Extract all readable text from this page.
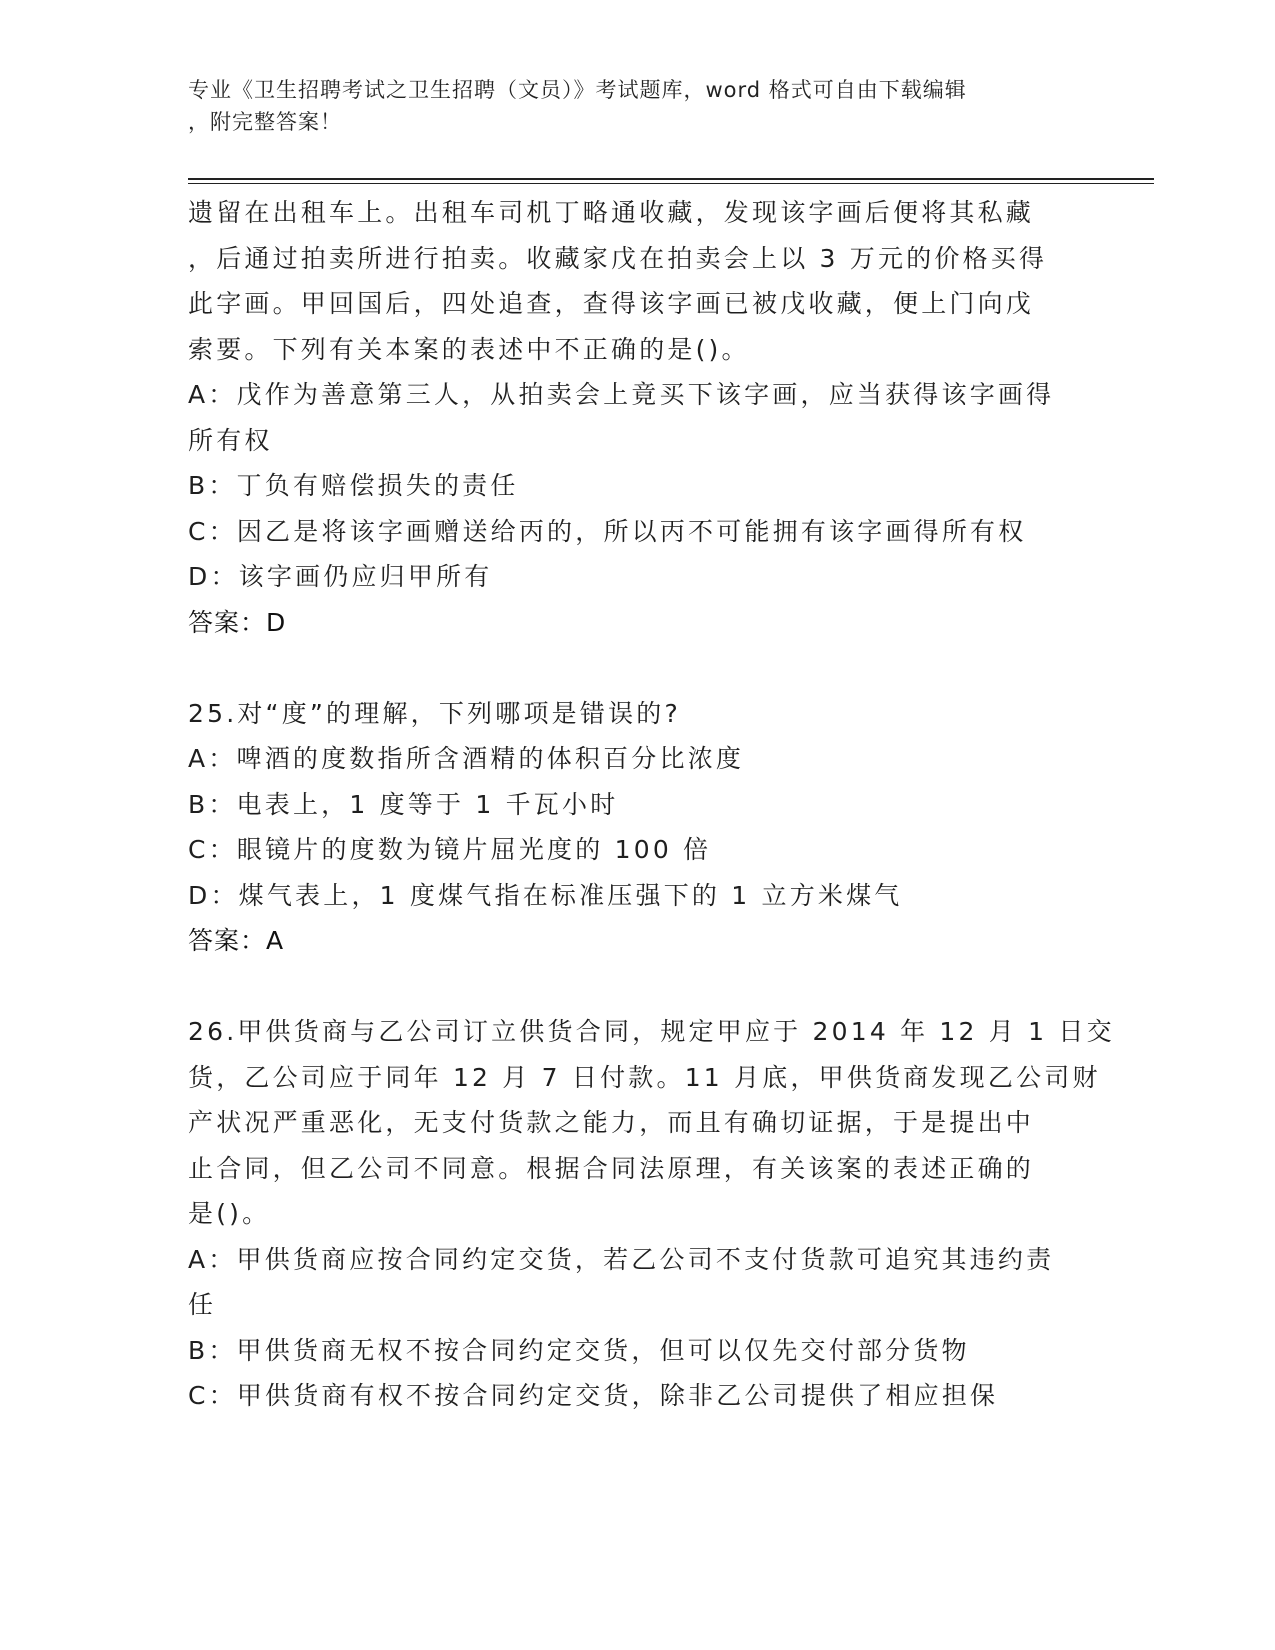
专业《卫生招聘考试之卫生招聘（文员）》考试题库，word 格式可自由下载编辑
，附完整答案！
遗留在出租车上。出租车司机丁略通收藏，发现该字画后便将其私藏
，后通过拍卖所进行拍卖。收藏家戊在拍卖会上以 3 万元的价格买得
此字画。甲回国后，四处追查，查得该字画已被戊收藏，便上门向戊
索要。下列有关本案的表述中不正确的是()。
A：戊作为善意第三人，从拍卖会上竟买下该字画，应当获得该字画得
所有权
B：丁负有赔偿损失的责任
C：因乙是将该字画赠送给丙的，所以丙不可能拥有该字画得所有权
D：该字画仍应归甲所有
答案：D
25.对“度”的理解，下列哪项是错误的?
A：啤酒的度数指所含酒精的体积百分比浓度
B：电表上，1 度等于 1 千瓦小时
C：眼镜片的度数为镜片屈光度的 100 倍
D：煤气表上，1 度煤气指在标准压强下的 1 立方米煤气
答案：A
26.甲供货商与乙公司订立供货合同，规定甲应于 2014 年 12 月 1 日交
货，乙公司应于同年 12 月 7 日付款。11 月底，甲供货商发现乙公司财
产状况严重恶化，无支付货款之能力，而且有确切证据，于是提出中
止合同，但乙公司不同意。根据合同法原理，有关该案的表述正确的
是()。
A：甲供货商应按合同约定交货，若乙公司不支付货款可追究其违约责
任
B：甲供货商无权不按合同约定交货，但可以仅先交付部分货物
C：甲供货商有权不按合同约定交货，除非乙公司提供了相应担保
